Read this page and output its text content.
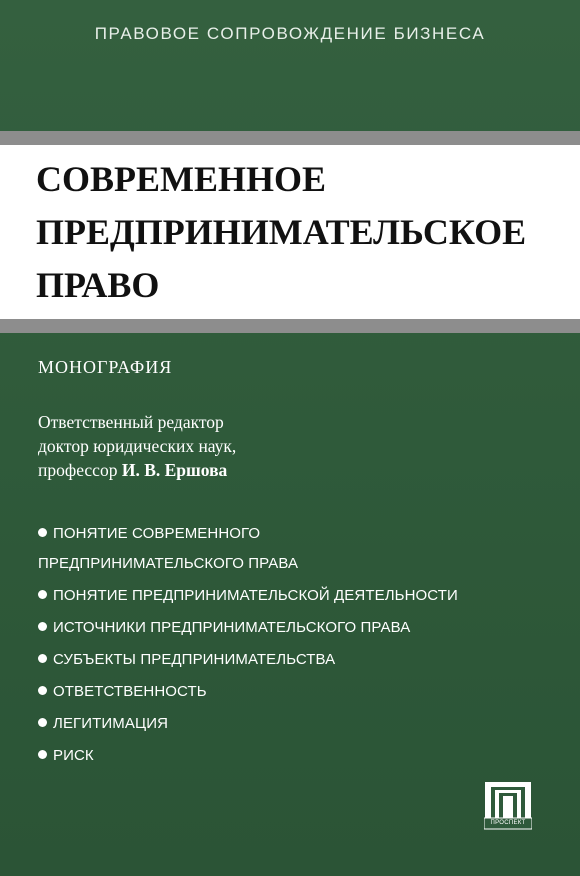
ПРАВОВОЕ СОПРОВОЖДЕНИЕ БИЗНЕСА
СОВРЕМЕННОЕ
ПРЕДПРИНИМАТЕЛЬСКОЕ
ПРАВО
МОНОГРАФИЯ
Ответственный редактор
доктор юридических наук,
профессор И. В. Ершова
ПОНЯТИЕ СОВРЕМЕННОГО
ПРЕДПРИНИМАТЕЛЬСКОГО ПРАВА
ПОНЯТИЕ ПРЕДПРИНИМАТЕЛЬСКОЙ ДЕЯТЕЛЬНОСТИ
ИСТОЧНИКИ ПРЕДПРИНИМАТЕЛЬСКОГО ПРАВА
СУБЪЕКТЫ ПРЕДПРИНИМАТЕЛЬСТВА
ОТВЕТСТВЕННОСТЬ
ЛЕГИТИМАЦИЯ
РИСК
ПРОСПЕКТ
